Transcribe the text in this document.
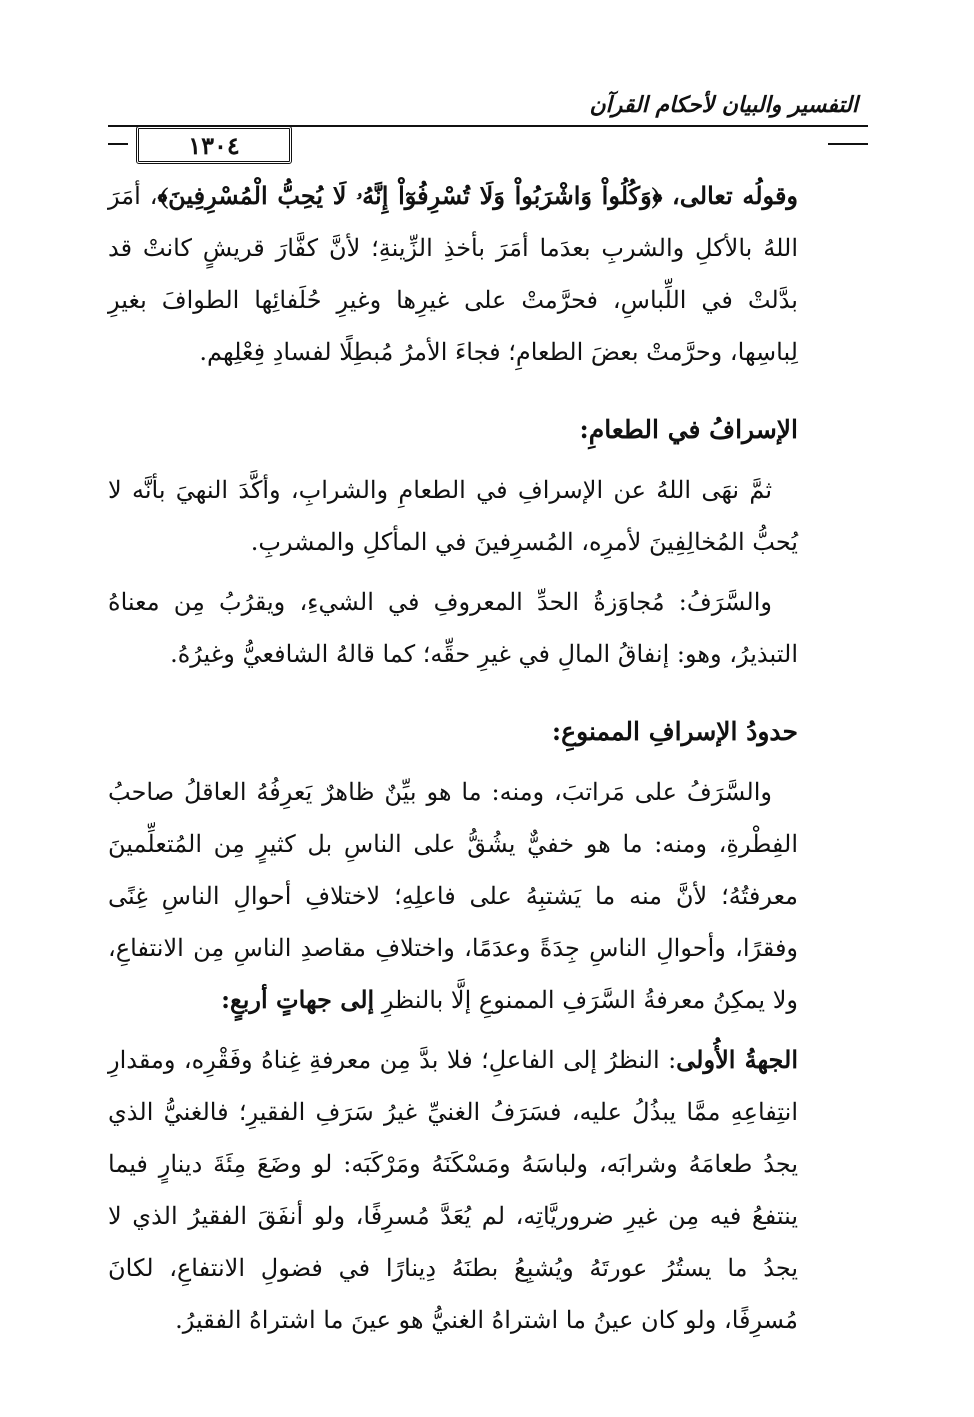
التفسير والبيان لأحكام القرآن
١٣٠٤

وقولُه تعالى، ﴿وَكُلُواْ وَاشْرَبُواْ وَلَا تُسْرِفُوٓاْ إِنَّهُۥ لَا يُحِبُّ الْمُسْرِفِينَ﴾، أمَرَ اللهُ بالأكلِ والشربِ بعدَما أمَرَ بأخذِ الزِّينةِ؛ لأنَّ كفَّارَ قريشٍ كانتْ قد بدَّلتْ في اللِّباسِ، فحرَّمتْ على غيرِها وغيرِ حُلَفائِها الطوافَ بغيرِ لِباسِها، وحرَّمتْ بعضَ الطعامِ؛ فجاءَ الأمرُ مُبطِلًا لفسادِ فِعْلِهم.

الإسرافُ في الطعامِ:

ثمَّ نهَى اللهُ عن الإسرافِ في الطعامِ والشرابِ، وأكَّدَ النهيَ بأنَّه لا يُحبُّ المُخالِفِينَ لأمرِه، المُسرِفينَ في المأكلِ والمشربِ.

والسَّرَفُ: مُجاوَزةُ الحدِّ المعروفِ في الشيءِ، ويقرُبُ مِن معناهُ التبذيرُ، وهو: إنفاقُ المالِ في غيرِ حقِّه؛ كما قالهُ الشافعيُّ وغيرُهُ.

حدودُ الإسرافِ الممنوعِ:

والسَّرَفُ على مَراتبَ، ومنه: ما هو بيِّنٌ ظاهرٌ يَعرِفُهُ العاقلُ صاحبُ الفِطْرةِ، ومنه: ما هو خفيٌّ يشُقُّ على الناسِ بل كثيرٍ مِن المُتعلِّمينَ معرفتُهُ؛ لأنَّ منه ما يَشتبِهُ على فاعلِهِ؛ لاختلافِ أحوالِ الناسِ غِنًى وفقرًا، وأحوالِ الناسِ جِدَةً وعدَمًا، واختلافِ مقاصدِ الناسِ مِن الانتفاعِ، ولا يمكِنُ معرفةُ السَّرَفِ الممنوعِ إلَّا بالنظرِ إلى جهاتٍ أربعٍ:

الجهةُ الأُولى: النظرُ إلى الفاعلِ؛ فلا بدَّ مِن معرفةِ غِناهُ وفَقْرِه، ومقدارِ انتِفاعِهِ ممَّا يبذُلُ عليه، فسَرَفُ الغنيِّ غيرُ سَرَفِ الفقيرِ؛ فالغنيُّ الذي يجدُ طعامَهُ وشرابَه، ولباسَهُ ومَسْكَنَهُ ومَرْكَبَه: لو وضَعَ مِئَةَ دينارٍ فيما ينتفعُ فيه مِن غيرِ ضروريَّاتِه، لم يُعَدَّ مُسرِفًا، ولو أنفَقَ الفقيرُ الذي لا يجدُ ما يستُرُ عورتَهُ ويُشبِعُ بطنَهُ دِينارًا في فضولِ الانتفاعِ، لكانَ مُسرِفًا، ولو كان عينُ ما اشتراهُ الغنيُّ هو عينَ ما اشتراهُ الفقيرُ.
